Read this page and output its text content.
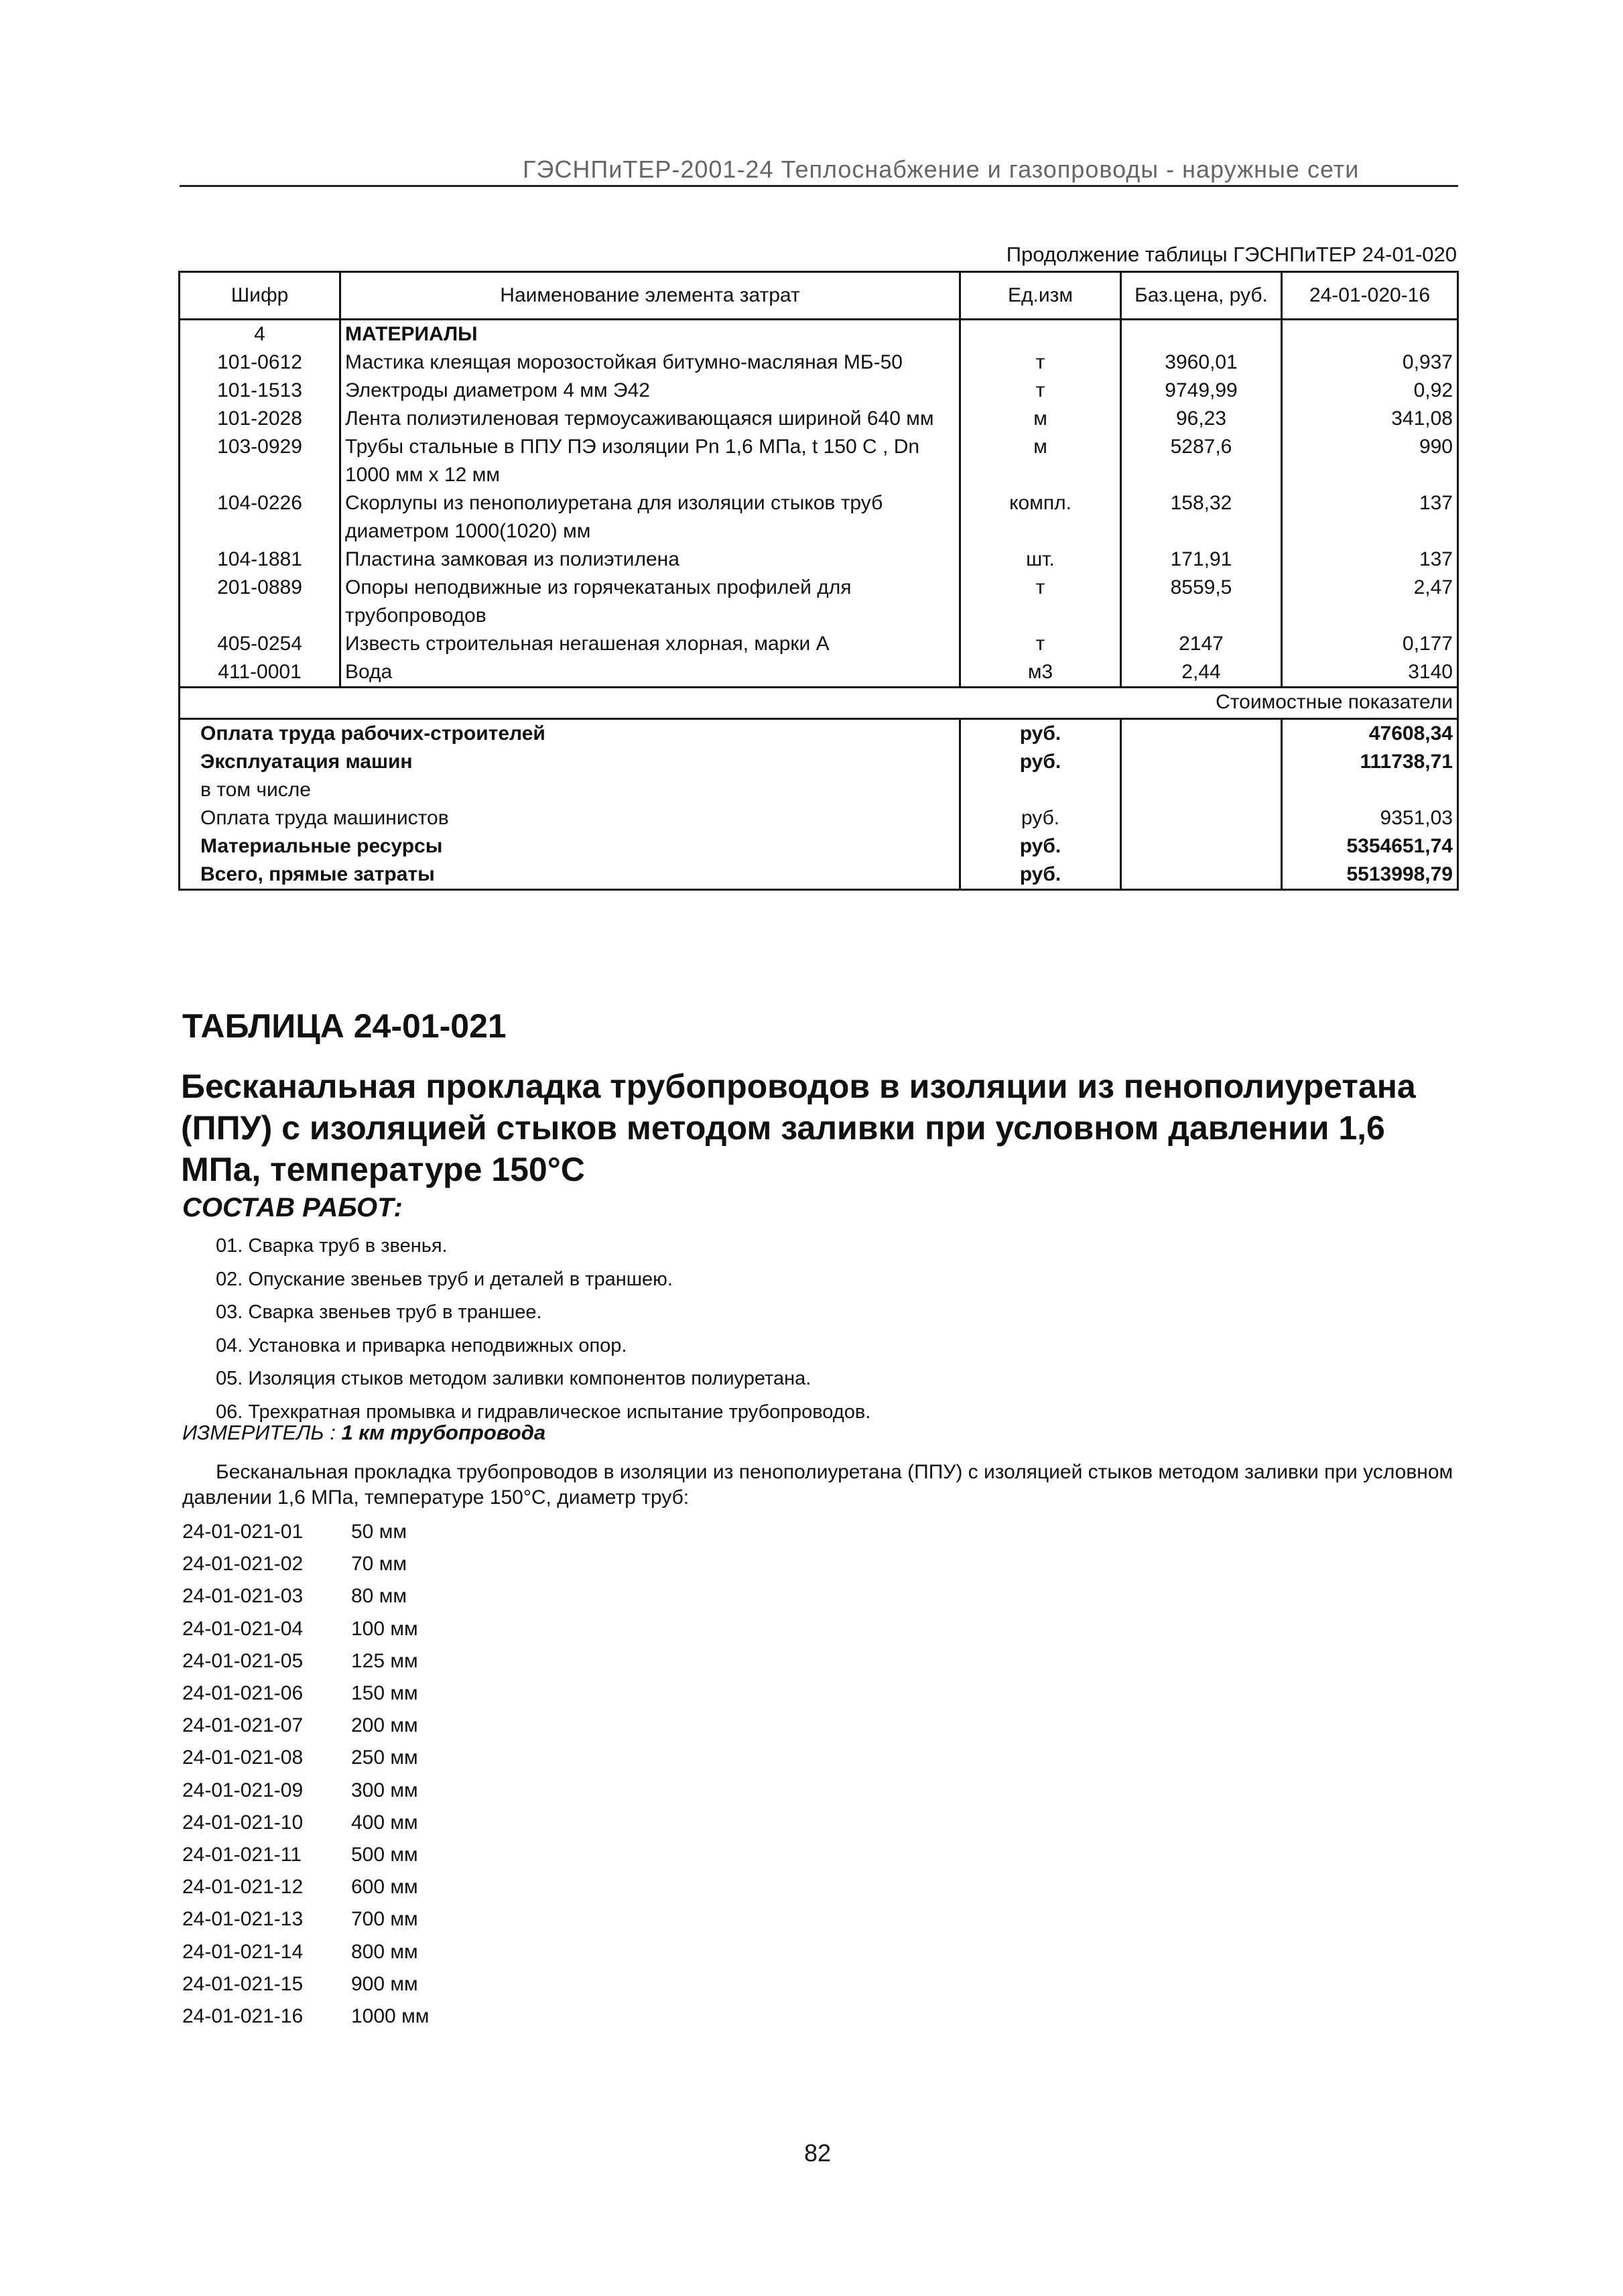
ГЭСНПиТЕР-2001-24 Теплоснабжение и газопроводы - наружные сети
Продолжение таблицы ГЭСНПиТЕР 24-01-020
Шифр	Наименование элемента затрат	Ед.изм	Баз.цена, руб.	24-01-020-16
4	МАТЕРИАЛЫ			
101-0612	Мастика клеящая морозостойкая битумно-масляная МБ-50	т	3960,01	0,937
101-1513	Электроды диаметром 4 мм Э42	т	9749,99	0,92
101-2028	Лента полиэтиленовая термоусаживающаяся шириной 640 мм	м	96,23	341,08
103-0929	Трубы стальные в ППУ ПЭ изоляции Pn 1,6 МПа, t 150 C , Dn 1000 мм х 12 мм	м	5287,6	990
104-0226	Скорлупы из пенополиуретана для изоляции стыков труб диаметром 1000(1020) мм	компл.	158,32	137
104-1881	Пластина замковая из полиэтилена	шт.	171,91	137
201-0889	Опоры неподвижные из горячекатаных профилей для трубопроводов	т	8559,5	2,47
405-0254	Известь строительная негашеная хлорная, марки А	т	2147	0,177
411-0001	Вода	м3	2,44	3140
Стоимостные показатели				
Оплата труда рабочих-строителей		руб.		47608,34
Эксплуатация машин		руб.		111738,71
в том числе				
Оплата труда машинистов		руб.		9351,03
Материальные ресурсы		руб.		5354651,74
Всего, прямые затраты		руб.		5513998,79
ТАБЛИЦА 24-01-021
Бесканальная прокладка трубопроводов в изоляции из пенополиуретана (ППУ) с изоляцией стыков методом заливки при условном давлении 1,6 МПа, температуре 150°С
СОСТАВ РАБОТ:
01. Сварка труб в звенья.
02. Опускание звеньев труб и деталей в траншею.
03. Сварка звеньев труб в траншее.
04. Установка и приварка неподвижных опор.
05. Изоляция стыков методом заливки компонентов полиуретана.
06. Трехкратная промывка и гидравлическое испытание трубопроводов.
ИЗМЕРИТЕЛЬ : 1 км трубопровода
Бесканальная прокладка трубопроводов в изоляции из пенополиуретана (ППУ) с изоляцией стыков методом заливки при условном давлении 1,6 МПа, температуре 150°С, диаметр труб:
24-01-021-01 50 мм
24-01-021-02 70 мм
24-01-021-03 80 мм
24-01-021-04 100 мм
24-01-021-05 125 мм
24-01-021-06 150 мм
24-01-021-07 200 мм
24-01-021-08 250 мм
24-01-021-09 300 мм
24-01-021-10 400 мм
24-01-021-11 500 мм
24-01-021-12 600 мм
24-01-021-13 700 мм
24-01-021-14 800 мм
24-01-021-15 900 мм
24-01-021-16 1000 мм
82
